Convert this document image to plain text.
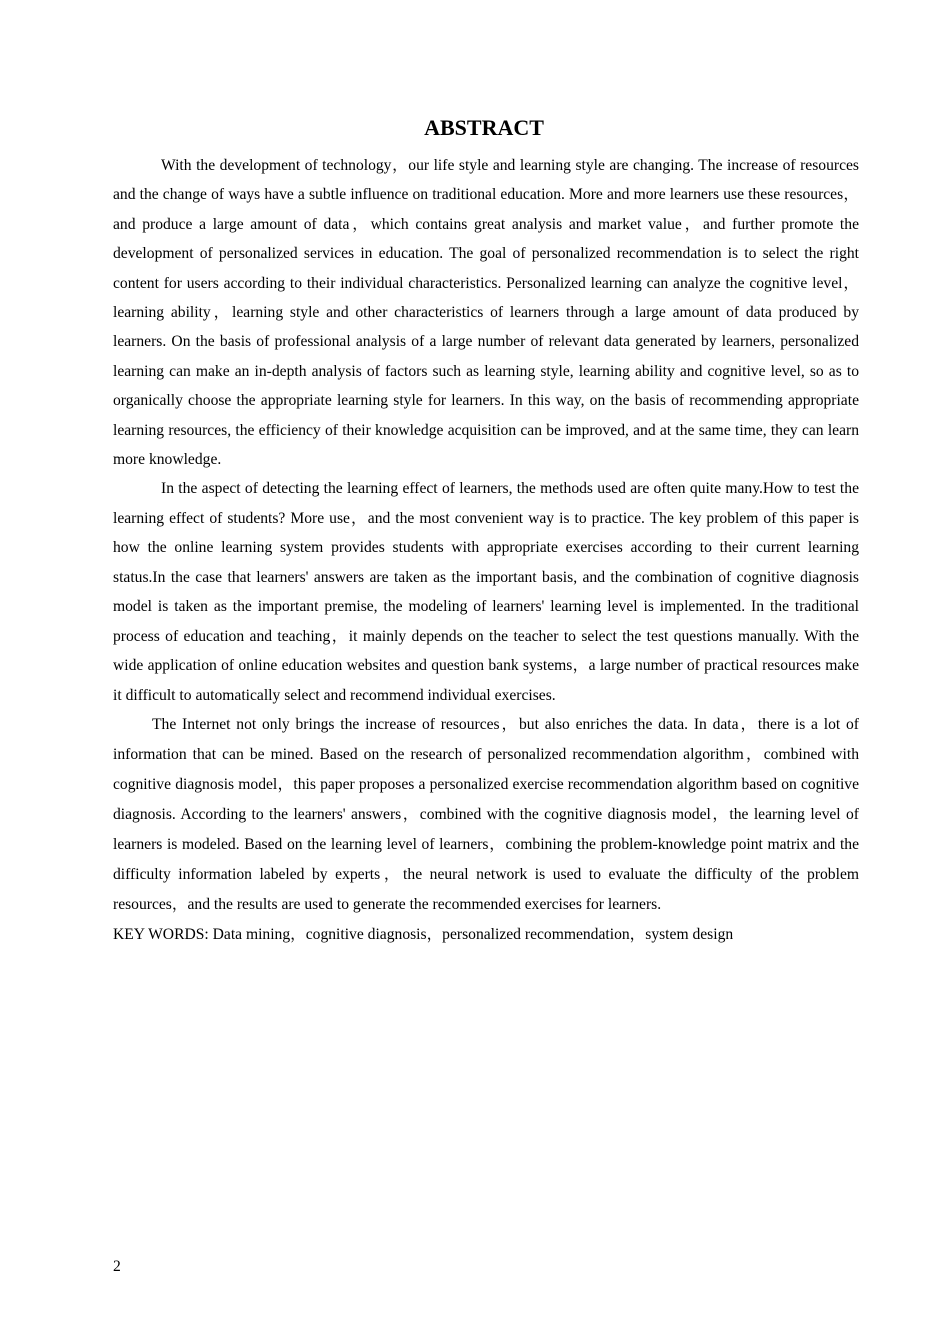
ABSTRACT

With the development of technology，our life style and learning style are changing. The increase of resources and the change of ways have a subtle influence on traditional education. More and more learners use these resources，and produce a large amount of data，which contains great analysis and market value，and further promote the development of personalized services in education. The goal of personalized recommendation is to select the right content for users according to their individual characteristics. Personalized learning can analyze the cognitive level，learning ability，learning style and other characteristics of learners through a large amount of data produced by learners. On the basis of professional analysis of a large number of relevant data generated by learners, personalized learning can make an in-depth analysis of factors such as learning style, learning ability and cognitive level, so as to organically choose the appropriate learning style for learners. In this way, on the basis of recommending appropriate learning resources, the efficiency of their knowledge acquisition can be improved, and at the same time, they can learn more knowledge.

In the aspect of detecting the learning effect of learners, the methods used are often quite many.How to test the learning effect of students? More use，and the most convenient way is to practice. The key problem of this paper is how the online learning system provides students with appropriate exercises according to their current learning status.In the case that learners' answers are taken as the important basis, and the combination of cognitive diagnosis model is taken as the important premise, the modeling of learners' learning level is implemented. In the traditional process of education and teaching，it mainly depends on the teacher to select the test questions manually. With the wide application of online education websites and question bank systems，a large number of practical resources make it difficult to automatically select and recommend individual exercises.

The Internet not only brings the increase of resources，but also enriches the data. In data，there is a lot of information that can be mined. Based on the research of personalized recommendation algorithm，combined with cognitive diagnosis model，this paper proposes a personalized exercise recommendation algorithm based on cognitive diagnosis. According to the learners' answers，combined with the cognitive diagnosis model，the learning level of learners is modeled. Based on the learning level of learners，combining the problem-knowledge point matrix and the difficulty information labeled by experts，the neural network is used to evaluate the difficulty of the problem resources，and the results are used to generate the recommended exercises for learners.

KEY WORDS: Data mining，cognitive diagnosis，personalized recommendation，system design

2
